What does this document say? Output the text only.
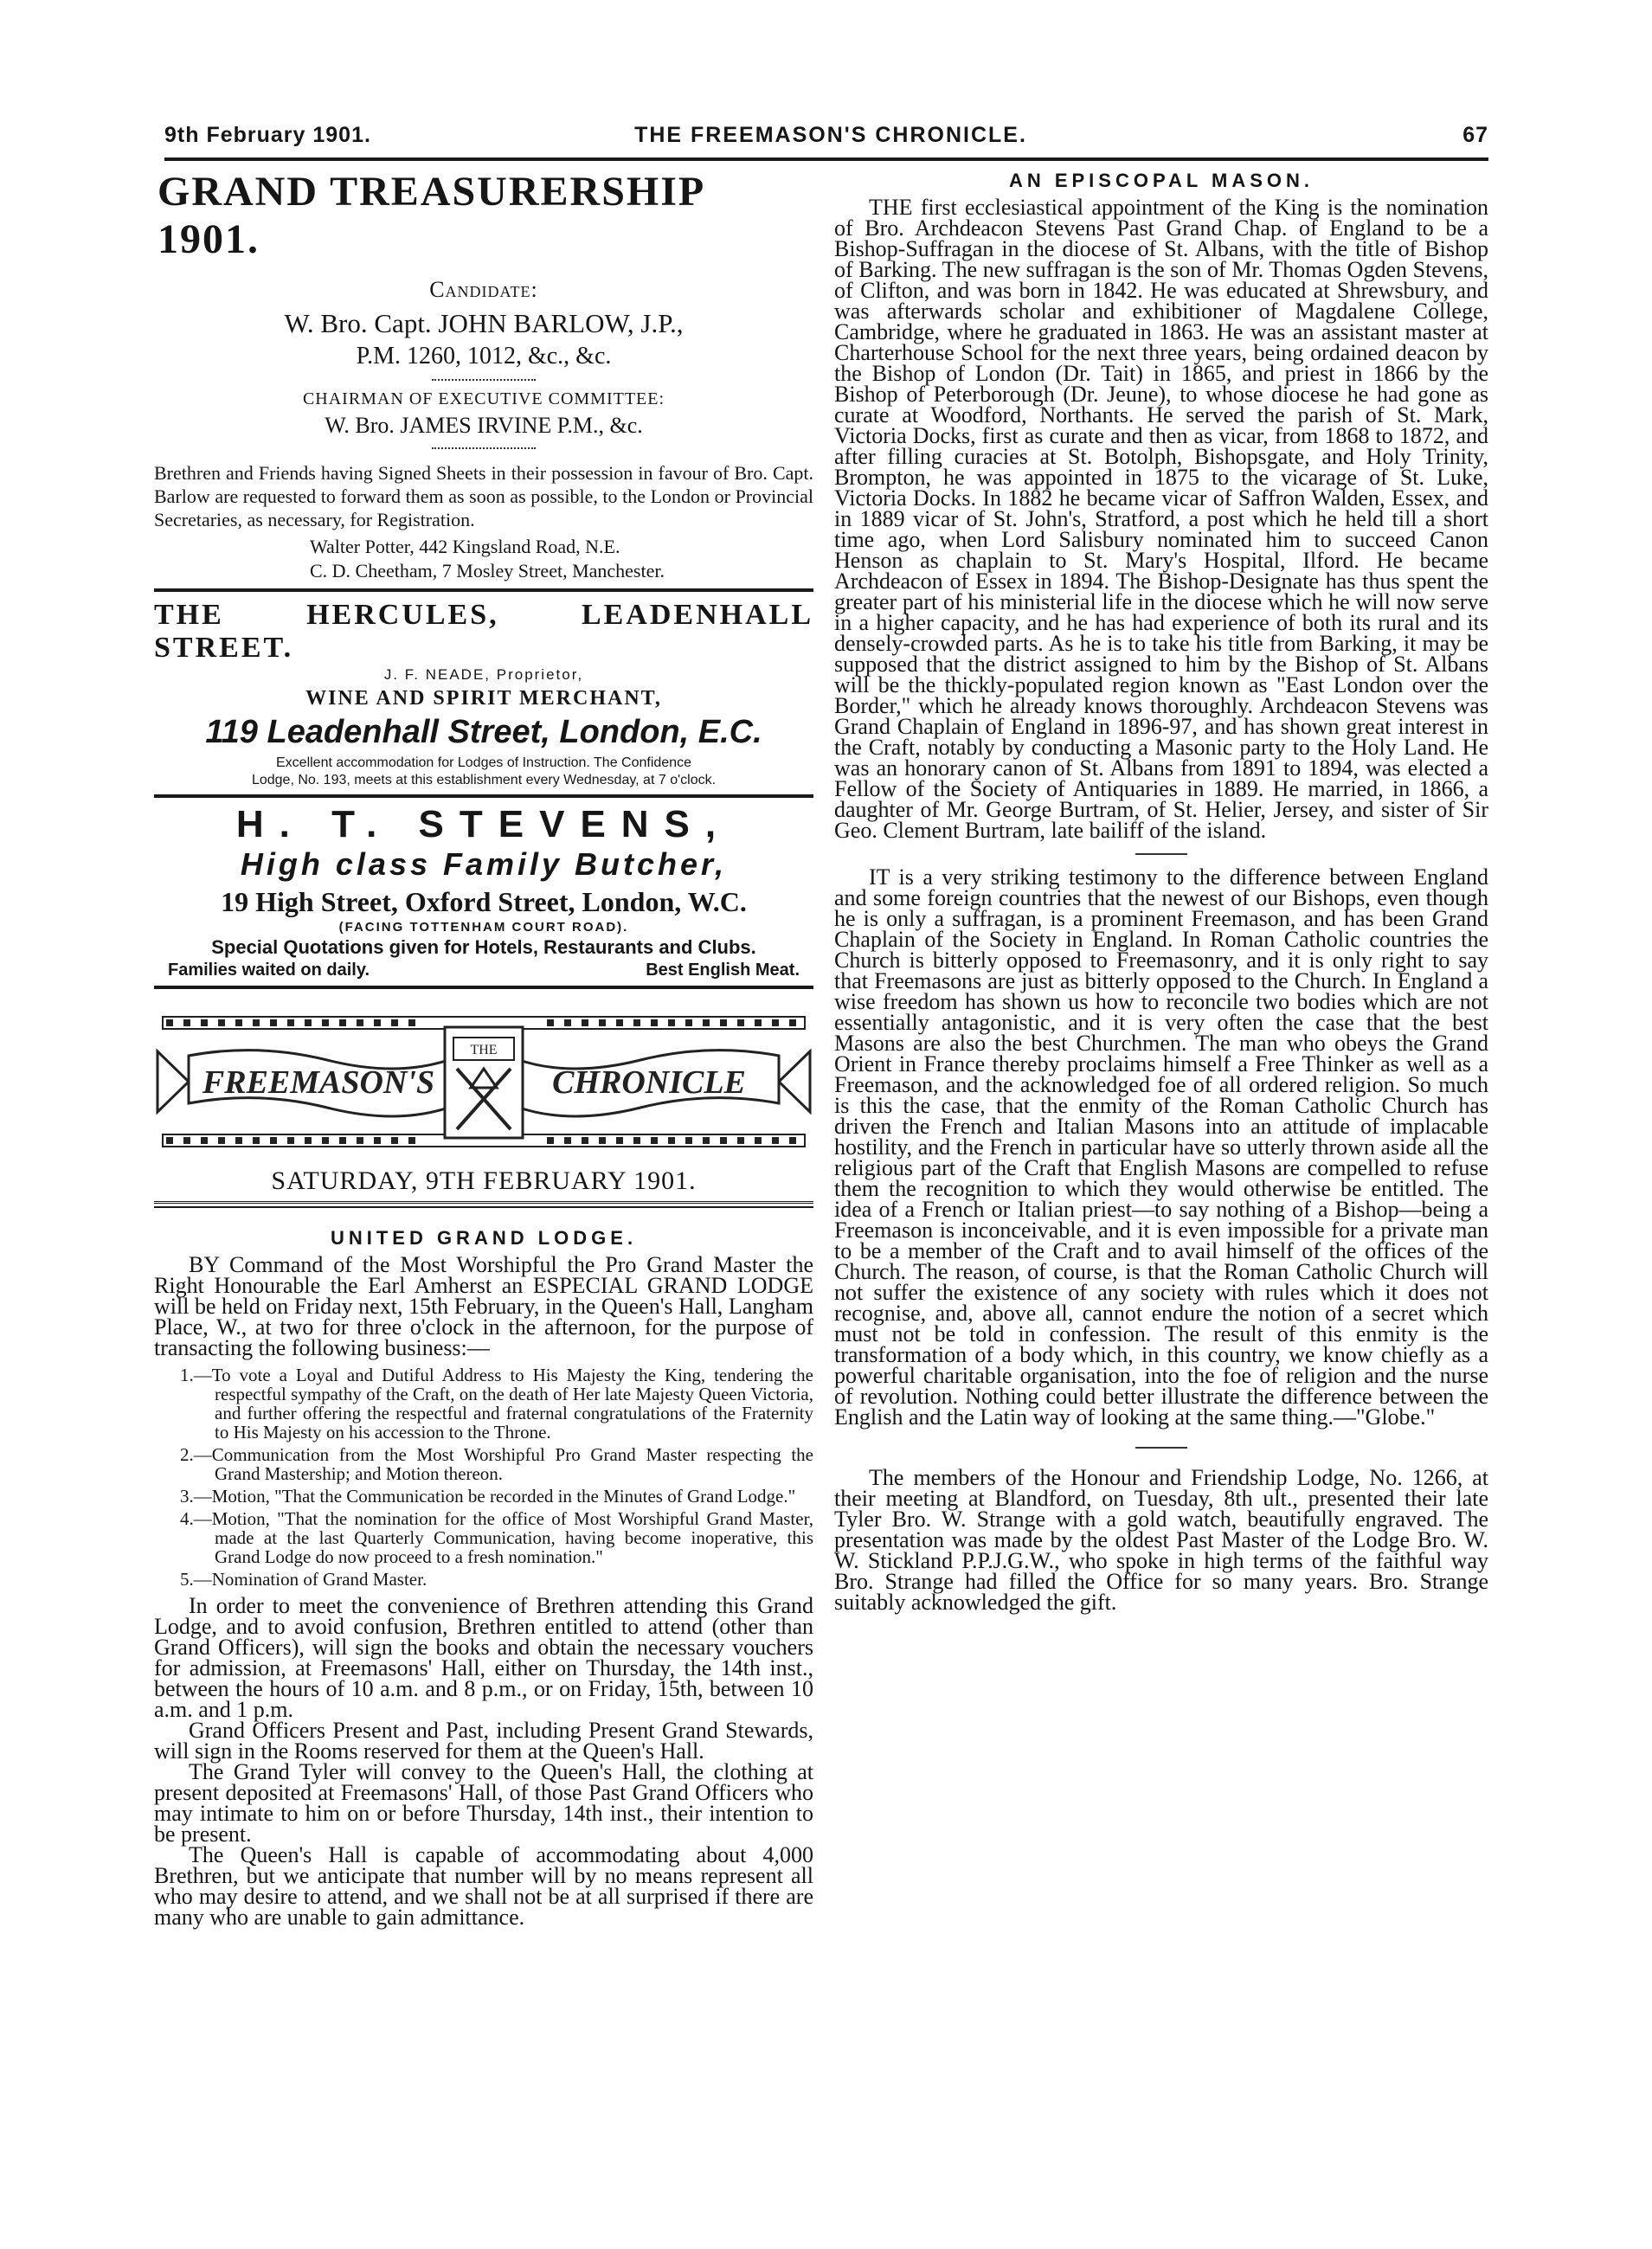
9th February 1901.	THE FREEMASON'S CHRONICLE.	67
GRAND TREASURERSHIP 1901.
Candidate:
W. Bro. Capt. JOHN BARLOW, J.P.,
P.M. 1260, 1012, &c., &c.
CHAIRMAN OF EXECUTIVE COMMITTEE:
W. Bro. JAMES IRVINE P.M., &c.

Brethren and Friends having Signed Sheets in their possession in favour of Bro. Capt. Barlow are requested to forward them as soon as possible, to the London or Provincial Secretaries, as necessary, for Registration.

Walter Potter, 442 Kingsland Road, N.E.
C. D. Cheetham, 7 Mosley Street, Manchester.
THE HERCULES, LEADENHALL STREET.
J. F. NEADE, Proprietor,
WINE AND SPIRIT MERCHANT,
119 Leadenhall Street, London, E.C.
Excellent accommodation for Lodges of Instruction. The Confidence
Lodge, No. 193, meets at this establishment every Wednesday, at 7 o'clock.
H. T. STEVENS,
High class Family Butcher,
19 High Street, Oxford Street, London, W.C.
(FACING TOTTENHAM COURT ROAD).
Special Quotations given for Hotels, Restaurants and Clubs.
Families waited on daily.	Best English Meat.
THE
FREEMASON'S	CHRONICLE
SATURDAY, 9TH FEBRUARY 1901.
UNITED GRAND LODGE.

BY Command of the Most Worshipful the Pro Grand Master the Right Honourable the Earl Amherst an ESPECIAL GRAND LODGE will be held on Friday next, 15th February, in the Queen's Hall, Langham Place, W., at two for three o'clock in the afternoon, for the purpose of transacting the following business:—

1.—To vote a Loyal and Dutiful Address to His Majesty the King, tendering the respectful sympathy of the Craft, on the death of Her late Majesty Queen Victoria, and further offering the respectful and fraternal congratulations of the Fraternity to His Majesty on his accession to the Throne.
2.—Communication from the Most Worshipful Pro Grand Master respecting the Grand Mastership; and Motion thereon.
3.—Motion, "That the Communication be recorded in the Minutes of Grand Lodge."
4.—Motion, "That the nomination for the office of Most Worshipful Grand Master, made at the last Quarterly Communication, having become inoperative, this Grand Lodge do now proceed to a fresh nomination."
5.—Nomination of Grand Master.

In order to meet the convenience of Brethren attending this Grand Lodge, and to avoid confusion, Brethren entitled to attend (other than Grand Officers), will sign the books and obtain the necessary vouchers for admission, at Freemasons' Hall, either on Thursday, the 14th inst., between the hours of 10 a.m. and 8 p.m., or on Friday, 15th, between 10 a.m. and 1 p.m.

Grand Officers Present and Past, including Present Grand Stewards, will sign in the Rooms reserved for them at the Queen's Hall.

The Grand Tyler will convey to the Queen's Hall, the clothing at present deposited at Freemasons' Hall, of those Past Grand Officers who may intimate to him on or before Thursday, 14th inst., their intention to be present.

The Queen's Hall is capable of accommodating about 4,000 Brethren, but we anticipate that number will by no means represent all who may desire to attend, and we shall not be at all surprised if there are many who are unable to gain admittance.

AN EPISCOPAL MASON.

THE first ecclesiastical appointment of the King is the nomination of Bro. Archdeacon Stevens Past Grand Chap. of England to be a Bishop-Suffragan in the diocese of St. Albans, with the title of Bishop of Barking. The new suffragan is the son of Mr. Thomas Ogden Stevens, of Clifton, and was born in 1842. He was educated at Shrewsbury, and was afterwards scholar and exhibitioner of Magdalene College, Cambridge, where he graduated in 1863. He was an assistant master at Charterhouse School for the next three years, being ordained deacon by the Bishop of London (Dr. Tait) in 1865, and priest in 1866 by the Bishop of Peterborough (Dr. Jeune), to whose diocese he had gone as curate at Woodford, Northants. He served the parish of St. Mark, Victoria Docks, first as curate and then as vicar, from 1868 to 1872, and after filling curacies at St. Botolph, Bishopsgate, and Holy Trinity, Brompton, he was appointed in 1875 to the vicarage of St. Luke, Victoria Docks. In 1882 he became vicar of Saffron Walden, Essex, and in 1889 vicar of St. John's, Stratford, a post which he held till a short time ago, when Lord Salisbury nominated him to succeed Canon Henson as chaplain to St. Mary's Hospital, Ilford. He became Archdeacon of Essex in 1894. The Bishop-Designate has thus spent the greater part of his ministerial life in the diocese which he will now serve in a higher capacity, and he has had experience of both its rural and its densely-crowded parts. As he is to take his title from Barking, it may be supposed that the district assigned to him by the Bishop of St. Albans will be the thickly-populated region known as "East London over the Border," which he already knows thoroughly. Archdeacon Stevens was Grand Chaplain of England in 1896-97, and has shown great interest in the Craft, notably by conducting a Masonic party to the Holy Land. He was an honorary canon of St. Albans from 1891 to 1894, was elected a Fellow of the Society of Antiquaries in 1889. He married, in 1866, a daughter of Mr. George Burtram, of St. Helier, Jersey, and sister of Sir Geo. Clement Burtram, late bailiff of the island.

IT is a very striking testimony to the difference between England and some foreign countries that the newest of our Bishops, even though he is only a suffragan, is a prominent Freemason, and has been Grand Chaplain of the Society in England. In Roman Catholic countries the Church is bitterly opposed to Freemasonry, and it is only right to say that Freemasons are just as bitterly opposed to the Church. In England a wise freedom has shown us how to reconcile two bodies which are not essentially antagonistic, and it is very often the case that the best Masons are also the best Churchmen. The man who obeys the Grand Orient in France thereby proclaims himself a Free Thinker as well as a Freemason, and the acknowledged foe of all ordered religion. So much is this the case, that the enmity of the Roman Catholic Church has driven the French and Italian Masons into an attitude of implacable hostility, and the French in particular have so utterly thrown aside all the religious part of the Craft that English Masons are compelled to refuse them the recognition to which they would otherwise be entitled. The idea of a French or Italian priest—to say nothing of a Bishop—being a Freemason is inconceivable, and it is even impossible for a private man to be a member of the Craft and to avail himself of the offices of the Church. The reason, of course, is that the Roman Catholic Church will not suffer the existence of any society with rules which it does not recognise, and, above all, cannot endure the notion of a secret which must not be told in confession. The result of this enmity is the transformation of a body which, in this country, we know chiefly as a powerful charitable organisation, into the foe of religion and the nurse of revolution. Nothing could better illustrate the difference between the English and the Latin way of looking at the same thing.—"Globe."

The members of the Honour and Friendship Lodge, No. 1266, at their meeting at Blandford, on Tuesday, 8th ult., presented their late Tyler Bro. W. Strange with a gold watch, beautifully engraved. The presentation was made by the oldest Past Master of the Lodge Bro. W. W. Stickland P.P.J.G.W., who spoke in high terms of the faithful way Bro. Strange had filled the Office for so many years. Bro. Strange suitably acknowledged the gift.
